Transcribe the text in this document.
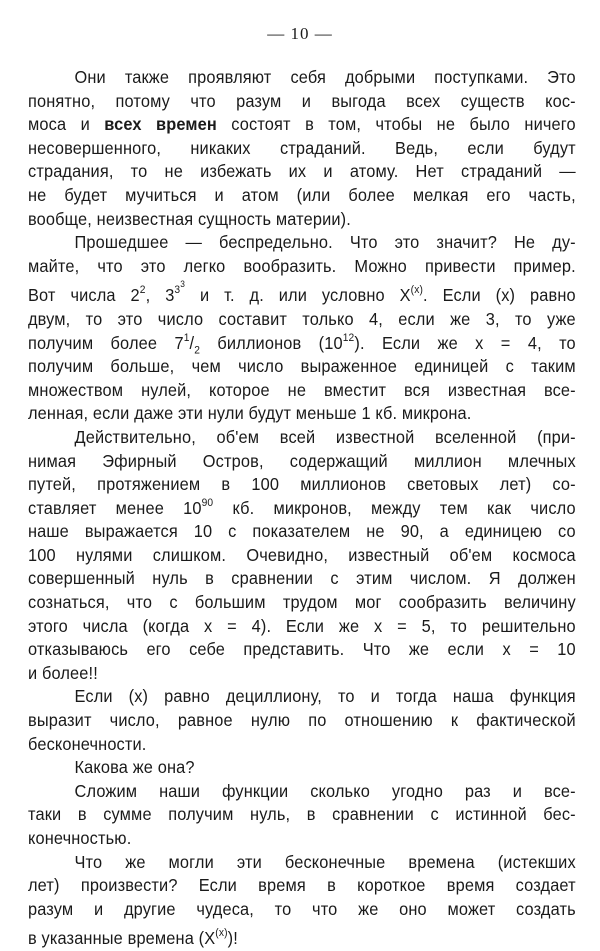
— 10 —

Они также проявляют себя добрыми поступками. Это
понятно, потому что разум и выгода всех существ кос-
моса и всех времен состоят в том, чтобы не было ничего
несовершенного, никаких страданий. Ведь, если будут
страдания, то не избежать их и атому. Нет страданий —
не будет мучиться и атом (или более мелкая его часть,
вообще, неизвестная сущность материи).

Прошедшее — беспредельно. Что это значит? Не ду-
майте, что это легко вообразить. Можно привести пример.
Вот числа $2^2$, $3^{3^3}$ и т. д. или условно $X^{(x)}$. Если (x) равно
двум, то это число составит только 4, если же 3, то уже
получим более $7^1/_2$ биллионов $(10^{12})$. Если же x = 4, то
получим больше, чем число выраженное единицей с таким
множеством нулей, которое не вместит вся известная все-
ленная, если даже эти нули будут меньше 1 кб. микрона.

Действительно, об'ем всей известной вселенной (при-
нимая Эфирный Остров, содержащий миллион млечных
путей, протяжением в 100 миллионов световых лет) со-
ставляет менее $10^{90}$ кб. микронов, между тем как число
наше выражается 10 с показателем не 90, а единицею со
100 нулями слишком. Очевидно, известный об'ем космоса
совершенный нуль в сравнении с этим числом. Я должен
сознаться, что с большим трудом мог сообразить величину
этого числа (когда x = 4). Если же x = 5, то решительно
отказываюсь его себе представить. Что же если x = 10
и более!!

Если (x) равно дециллиону, то и тогда наша функция
выразит число, равное нулю по отношению к фактической
бесконечности.

Какова же она?

Сложим наши функции сколько угодно раз и все-
таки в сумме получим нуль, в сравнении с истинной бес-
конечностью.

Что же могли эти бесконечные времена (истекших
лет) произвести? Если время в короткое время создает
разум и другие чудеса, то что же оно может создать
в указанные времена $(X^{(x)})$!
